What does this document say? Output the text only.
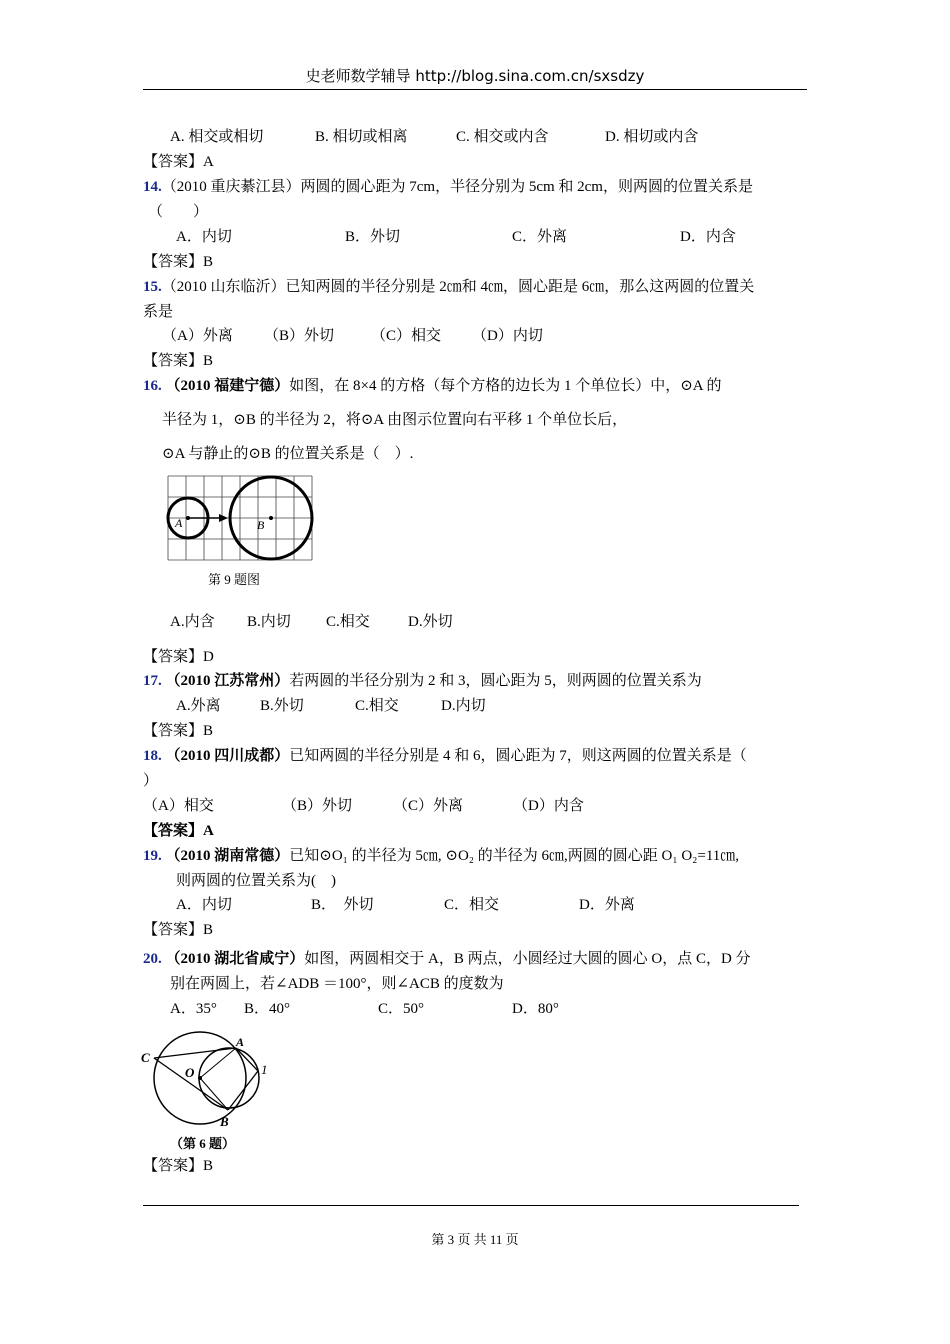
史老师数学辅导 http://blog.sina.com.cn/sxsdzy
A. 相交或相切	B. 相切或相离	C. 相交或内含	D. 相切或内含
【答案】A
14.（2010 重庆綦江县）两圆的圆心距为 7cm，半径分别为 5cm 和 2cm，则两圆的位置关系是
（　　）
A．内切	B．外切	C．外离	D．内含
【答案】B
15.（2010 山东临沂）已知两圆的半径分别是 2㎝和 4㎝，圆心距是 6㎝，那么这两圆的位置关
系是
（A）外离 （B）外切 （C）相交 （D）内切
【答案】B
16. （2010 福建宁德）如图，在 8×4 的方格（每个方格的边长为 1 个单位长）中，⊙A 的
半径为 1，⊙B 的半径为 2，将⊙A 由图示位置向右平移 1 个单位长后，
⊙A 与静止的⊙B 的位置关系是（　）.
A	B
第 9 题图
A.内含 B.内切 C.相交	D.外切
【答案】D
17. （2010 江苏常州）若两圆的半径分别为 2 和 3，圆心距为 5，则两圆的位置关系为
A.外离	B.外切	C.相交	D.内切
【答案】B
18. （2010 四川成都）已知两圆的半径分别是 4 和 6，圆心距为 7，则这两圆的位置关系是（
）
（A）相交	（B）外切	（C）外离	（D）内含
【答案】A
19. （2010 湖南常德）已知⊙O₁ 的半径为 5㎝, ⊙O₂ 的半径为 6㎝,两圆的圆心距 O₁ O₂=11㎝,
则两圆的位置关系为(　)
A．内切	B．　外切	C．相交	D．外离
【答案】B
20. （2010 湖北省咸宁）如图，两圆相交于 A，B 两点，小圆经过大圆的圆心 O，点 C，D 分
别在两圆上，若∠ADB ＝100°，则∠ACB 的度数为
A．35° B．40°	C．50°	D．80°
C
A
O	1
B
（第 6 题）
【答案】B
第 3 页 共 11 页
